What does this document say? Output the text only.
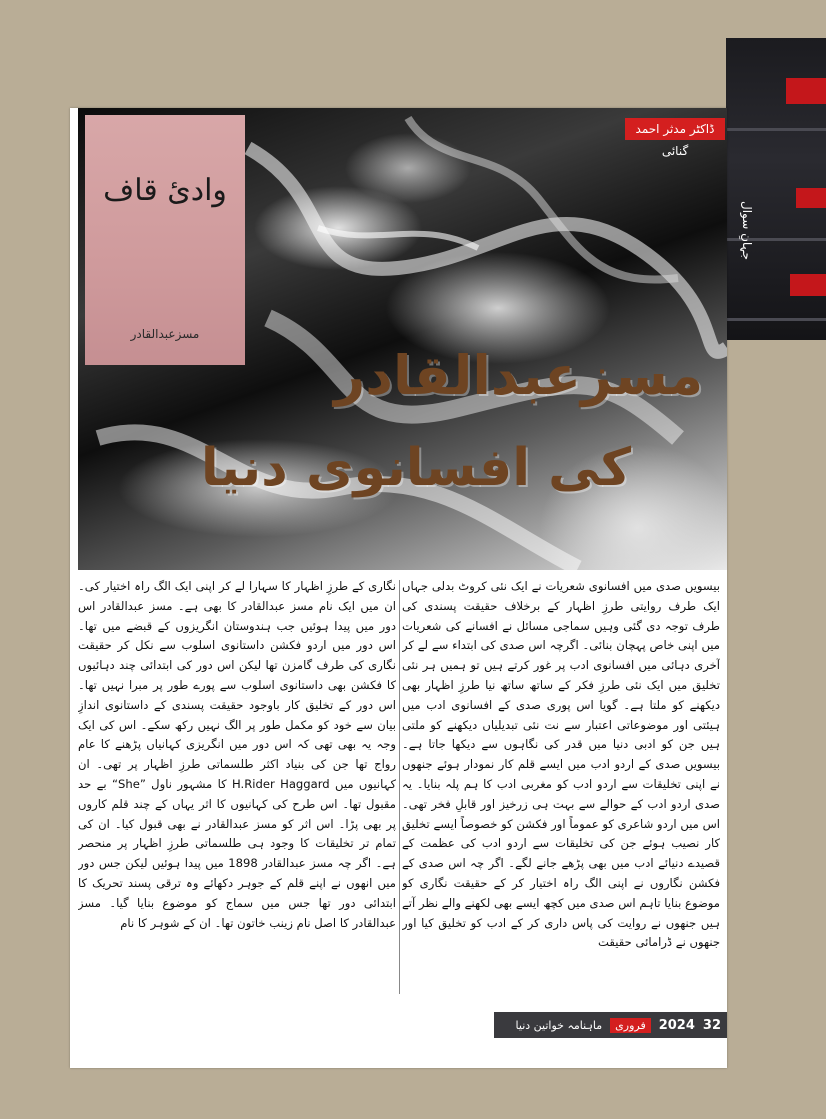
جہانِ سوال
وادیٔ قاف
مسزعبدالقادر
ڈاکٹر مدثر احمد گنائی
مسزعبدالقادر
کی افسانوی دنیا

بیسویں صدی میں افسانوی شعریات نے ایک نئی کروٹ بدلی جہاں ایک طرف روایتی طرزِ اظہار کے برخلاف حقیقت پسندی کی طرف توجہ دی گئی وہیں سماجی مسائل نے افسانے کی شعریات میں اپنی خاص پہچان بنائی۔ اگرچہ اس صدی کی ابتداء سے لے کر آخری دہائی میں افسانوی ادب پر غور کرتے ہیں تو ہمیں ہر نئی تخلیق میں ایک نئی طرزِ فکر کے ساتھ ساتھ نیا طرزِ اظہار بھی دیکھنے کو ملتا ہے۔ گویا اس پوری صدی کے افسانوی ادب میں ہیئتی اور موضوعاتی اعتبار سے نت نئی تبدیلیاں دیکھنے کو ملتی ہیں جن کو ادبی دنیا میں قدر کی نگاہوں سے دیکھا جاتا ہے۔ بیسویں صدی کے اردو ادب میں ایسے قلم کار نمودار ہوئے جنھوں نے اپنی تخلیقات سے اردو ادب کو مغربی ادب کا ہم پلہ بنایا۔ یہ صدی اردو ادب کے حوالے سے بہت ہی زرخیز اور قابلِ فخر تھی۔ اس میں اردو شاعری کو عموماً اور فکشن کو خصوصاً ایسے تخلیق کار نصیب ہوئے جن کی تخلیقات سے اردو ادب کی عظمت کے قصیدے دنیائے ادب میں بھی پڑھے جانے لگے۔ اگر چہ اس صدی کے فکشن نگاروں نے اپنی الگ راہ اختیار کر کے حقیقت نگاری کو موضوع بنایا تاہم اس صدی میں کچھ ایسے بھی لکھنے والے نظر آتے ہیں جنھوں نے روایت کی پاس داری کر کے ادب کو تخلیق کیا اور جنھوں نے ڈرامائی حقیقت

نگاری کے طرزِ اظہار کا سہارا لے کر اپنی ایک الگ راہ اختیار کی۔ ان میں ایک نام مسز عبدالقادر کا بھی ہے۔ مسز عبدالقادر اس دور میں پیدا ہوئیں جب ہندوستان انگریزوں کے قبضے میں تھا۔ اس دور میں اردو فکشن داستانوی اسلوب سے نکل کر حقیقت نگاری کی طرف گامزن تھا لیکن اس دور کی ابتدائی چند دہائیوں کا فکشن بھی داستانوی اسلوب سے پورے طور پر مبرا نہیں تھا۔ اس دور کے تخلیق کار باوجود حقیقت پسندی کے داستانوی اندازِ بیان سے خود کو مکمل طور پر الگ نہیں رکھ سکے۔ اس کی ایک وجہ یہ بھی تھی کہ اس دور میں انگریزی کہانیاں پڑھنے کا عام رواج تھا جن کی بنیاد اکثر طلسماتی طرزِ اظہار پر تھی۔ ان کہانیوں میں H.Rider Haggard کا مشہور ناول ”She“ بے حد مقبول تھا۔ اس طرح کی کہانیوں کا اثر یہاں کے چند قلم کاروں پر بھی پڑا۔ اس اثر کو مسز عبدالقادر نے بھی قبول کیا۔ ان کی تمام تر تخلیقات کا وجود ہی طلسماتی طرزِ اظہار پر منحصر ہے۔ اگر چہ مسز عبدالقادر 1898 میں پیدا ہوئیں لیکن جس دور میں انھوں نے اپنے قلم کے جوہر دکھائے وہ ترقی پسند تحریک کا ابتدائی دور تھا جس میں سماج کو موضوع بنایا گیا۔ مسز عبدالقادر کا اصل نام زینب خاتون تھا۔ ان کے شوہر کا نام

ماہنامہ خواتین دنیا	فروری	2024 32
